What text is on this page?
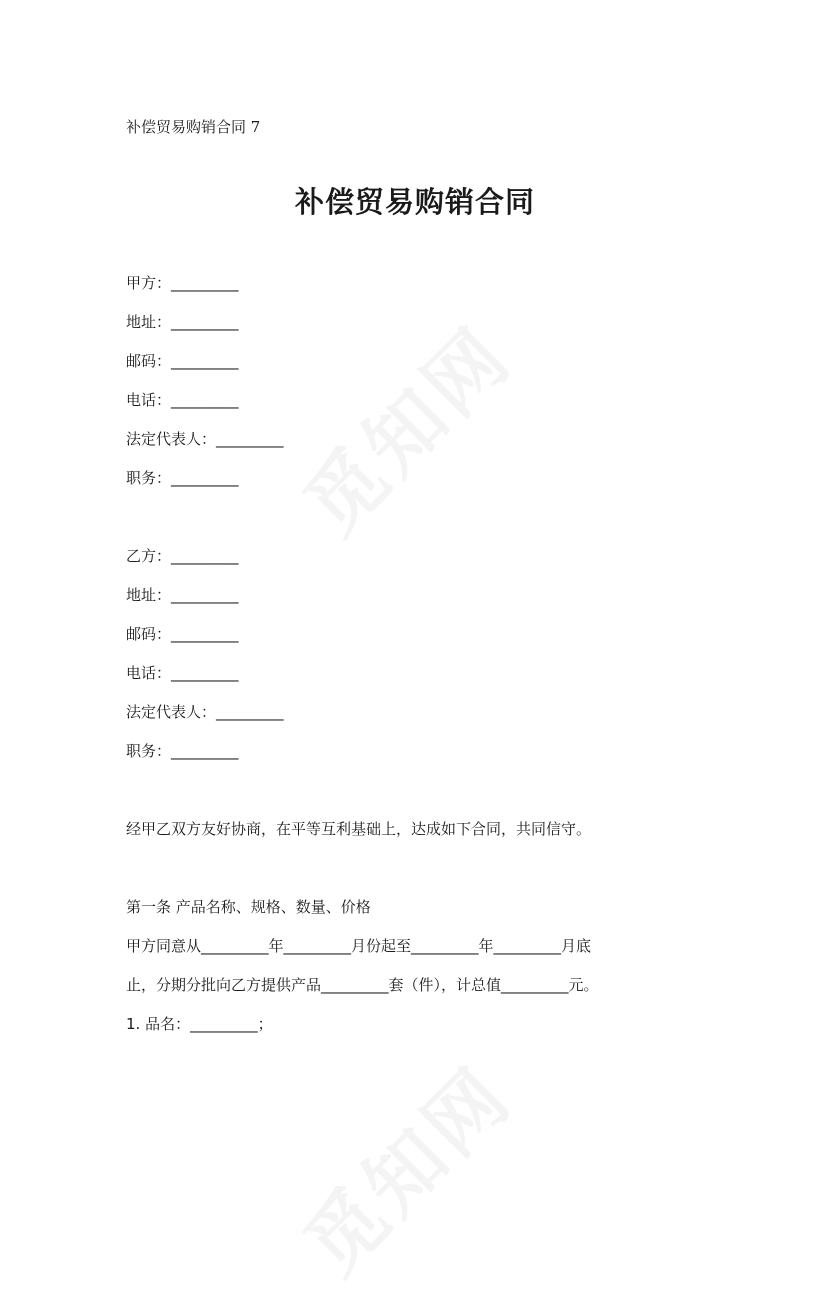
补偿贸易购销合同 7
补偿贸易购销合同
甲方：_________
地址：_________
邮码：_________
电话：_________
法定代表人：_________
职务：_________
乙方：_________
地址：_________
邮码：_________
电话：_________
法定代表人：_________
职务：_________
经甲乙双方友好协商，在平等互利基础上，达成如下合同，共同信守。
第一条 产品名称、规格、数量、价格
甲方同意从_________年_________月份起至_________年_________月底
止，分期分批向乙方提供产品_________套（件），计总值_________元。
1. 品名：_________；
